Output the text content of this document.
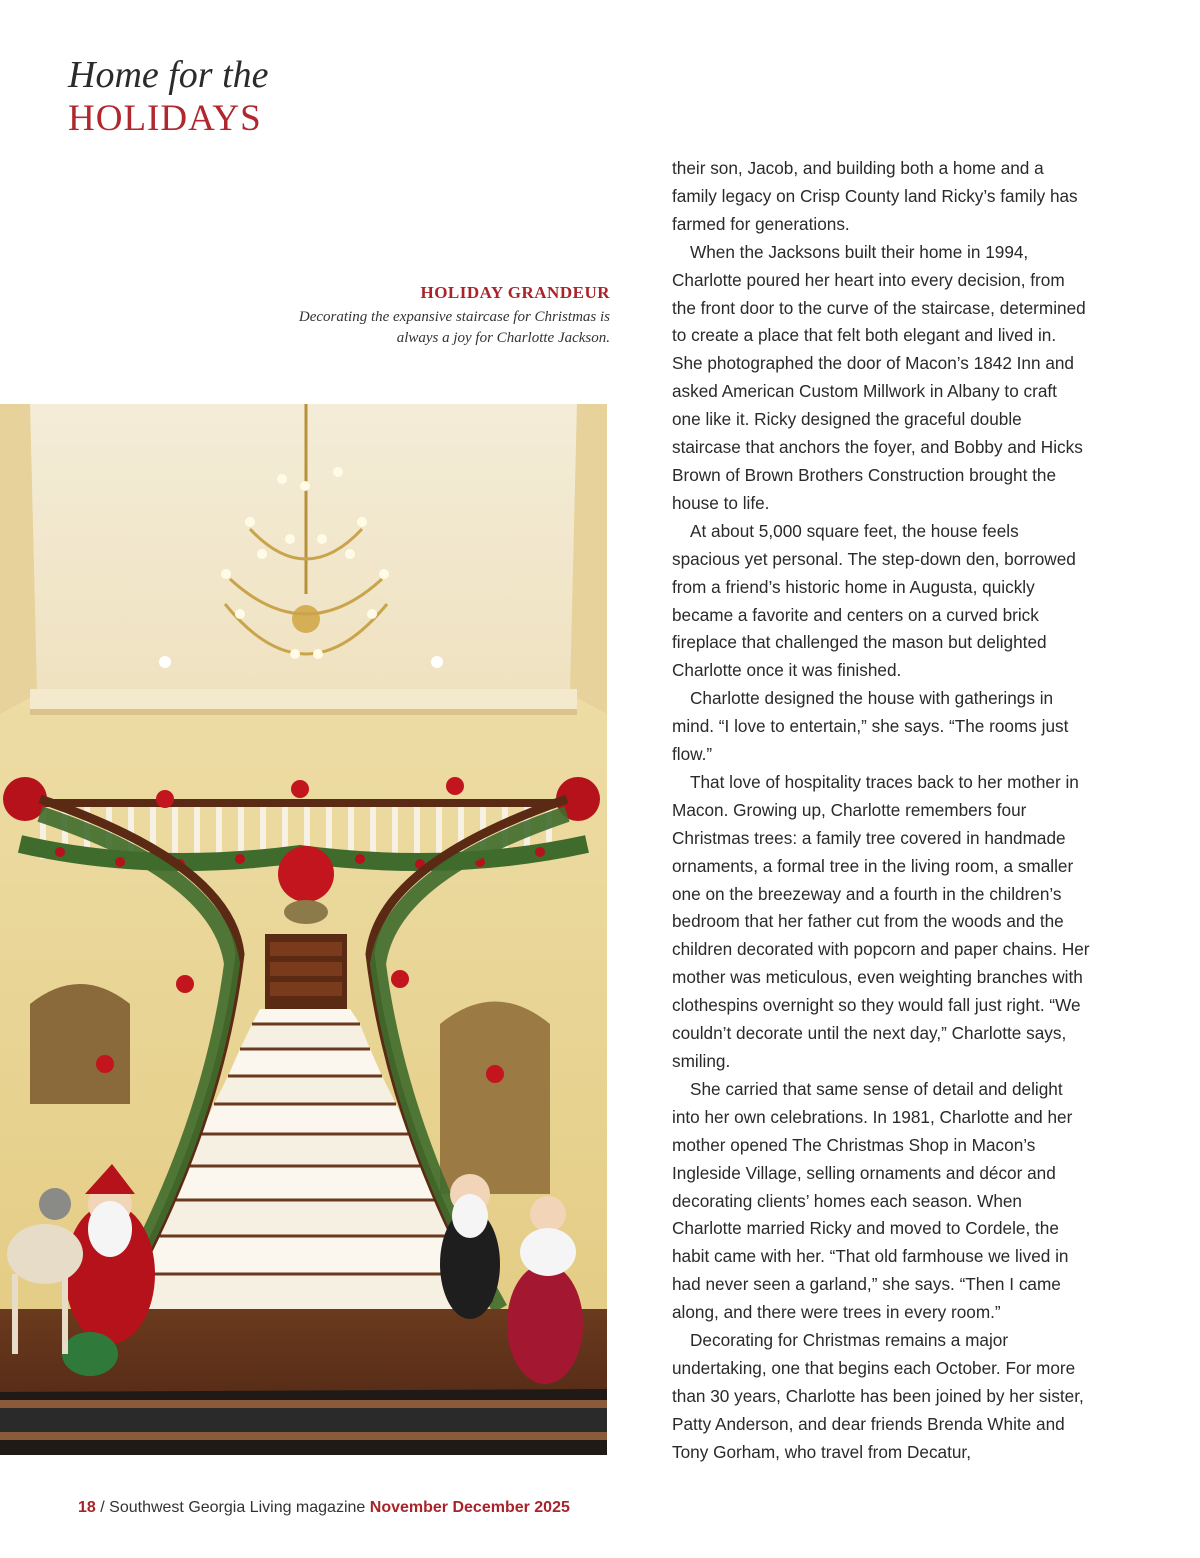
Home for the
HOLIDAYS
HOLIDAY GRANDEUR
Decorating the expansive staircase for Christmas is
always a joy for Charlotte Jackson.

their son, Jacob, and building both a home and a family legacy on Crisp County land Ricky’s family has farmed for generations.

When the Jacksons built their home in 1994, Charlotte poured her heart into every decision, from the front door to the curve of the staircase, determined to create a place that felt both elegant and lived in. She photographed the door of Macon’s 1842 Inn and asked American Custom Millwork in Albany to craft one like it. Ricky designed the graceful double staircase that anchors the foyer, and Bobby and Hicks Brown of Brown Brothers Construction brought the house to life.

At about 5,000 square feet, the house feels spacious yet personal. The step-down den, borrowed from a friend’s historic home in Augusta, quickly became a favorite and centers on a curved brick fireplace that challenged the mason but delighted Charlotte once it was finished.

Charlotte designed the house with gatherings in mind. “I love to entertain,” she says. “The rooms just flow.”

That love of hospitality traces back to her mother in Macon. Growing up, Charlotte remembers four Christmas trees: a family tree covered in handmade ornaments, a formal tree in the living room, a smaller one on the breezeway and a fourth in the children’s bedroom that her father cut from the woods and the children decorated with popcorn and paper chains. Her mother was meticulous, even weighting branches with clothespins overnight so they would fall just right. “We couldn’t decorate until the next day,” Charlotte says, smiling.

She carried that same sense of detail and delight into her own celebrations. In 1981, Charlotte and her mother opened The Christmas Shop in Macon’s Ingleside Village, selling ornaments and décor and decorating clients’ homes each season. When Charlotte married Ricky and moved to Cordele, the habit came with her. “That old farmhouse we lived in had never seen a garland,” she says. “Then I came along, and there were trees in every room.”

Decorating for Christmas remains a major undertaking, one that begins each October. For more than 30 years, Charlotte has been joined by her sister, Patty Anderson, and dear friends Brenda White and Tony Gorham, who travel from Decatur,

18 / Southwest Georgia Living magazine November December 2025
